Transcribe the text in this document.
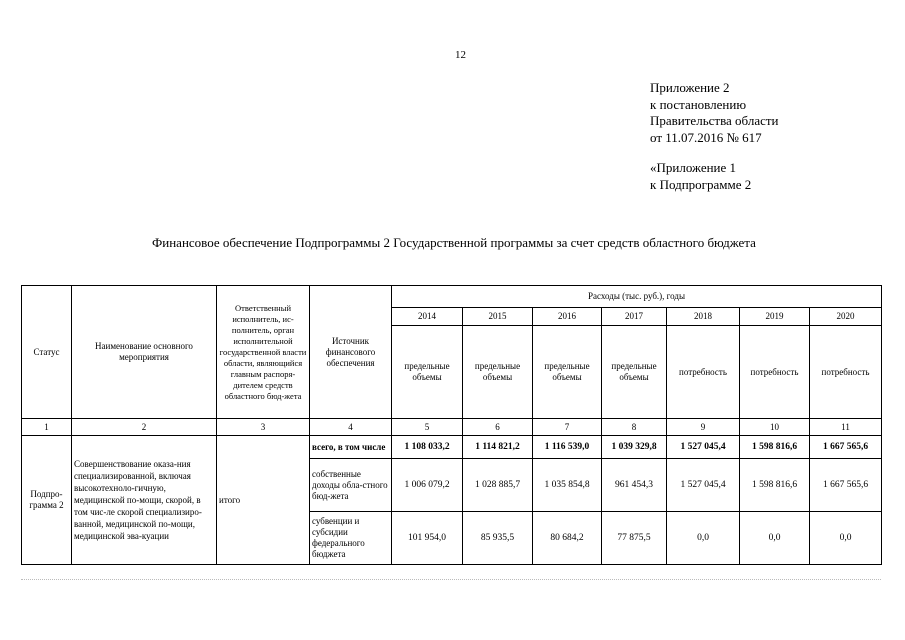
12
Приложение 2
к постановлению
Правительства области
от 11.07.2016 № 617
«Приложение 1
к Подпрограмме 2
Финансовое обеспечение Подпрограммы 2 Государственной программы за счет средств областного бюджета
Статус	Наименование основного мероприятия	Ответственный исполнитель, ис-полнитель, орган исполнительной государственной власти области, являющийся главным распоря-дителем средств областного бюд-жета	Источник финансового обеспечения	Расходы (тыс. руб.), годы						
				2014	2015	2016	2017	2018	2019	2020
				предельные объемы	предельные объемы	предельные объемы	предельные объемы	потребность	потребность	потребность
1	2	3	4	5	6	7	8	9	10	11
Подпро-грамма 2	Совершенствование оказа-ния специализированной, включая высокотехноло-гичную, медицинской по-мощи, скорой, в том чис-ле скорой специализиро-ванной, медицинской по-мощи, медицинской эва-куации	итого	всего, в том числе	1 108 033,2	1 114 821,2	1 116 539,0	1 039 329,8	1 527 045,4	1 598 816,6	1 667 565,6
			собственные доходы обла-стного бюд-жета	1 006 079,2	1 028 885,7	1 035 854,8	961 454,3	1 527 045,4	1 598 816,6	1 667 565,6
			субвенции и субсидии федерального бюджета	101 954,0	85 935,5	80 684,2	77 875,5	0,0	0,0	0,0
